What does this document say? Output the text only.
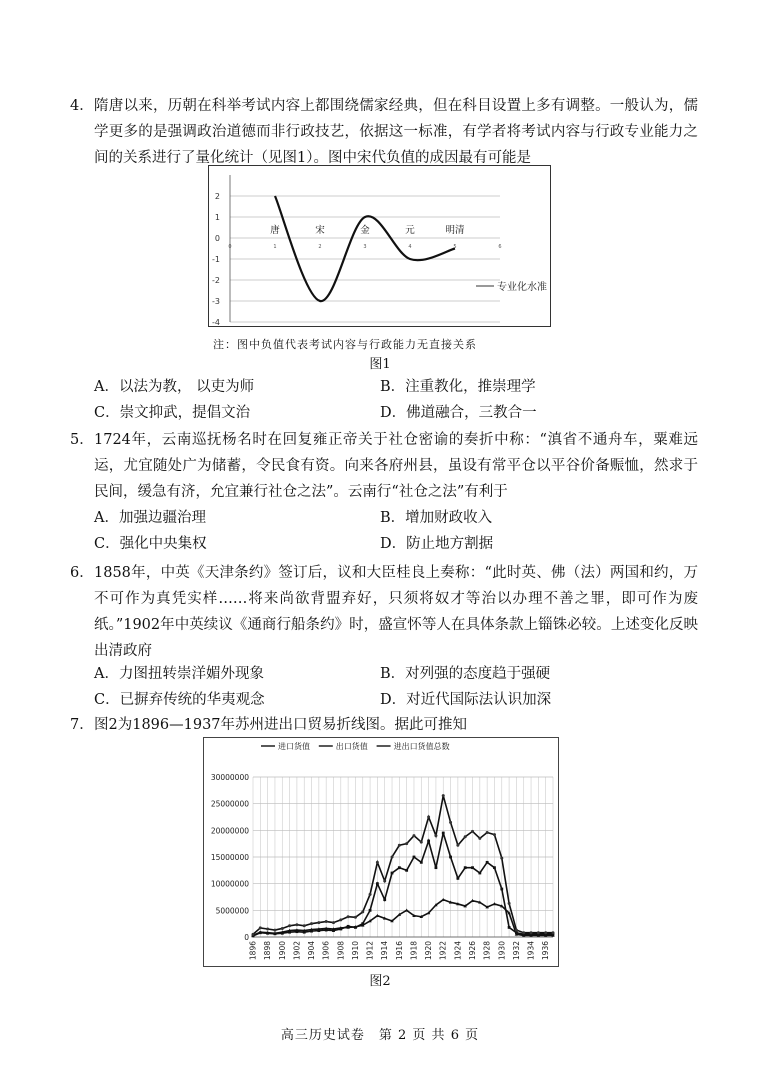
4． 隋唐以来，历朝在科举考试内容上都围绕儒家经典，但在科目设置上多有调整。一般认为，儒学更多的是强调政治道德而非行政技艺，依据这一标准，有学者将考试内容与行政专业能力之间的关系进行了量化统计（见图1）。图中宋代负值的成因最有可能是
2
1
0
-1
-2
-3
-4
0	1	2	3	4	5	6
唐	宋	金	元	明清
专业化水准
注：图中负值代表考试内容与行政能力无直接关系
图1
A．以法为教， 以吏为师	B．注重教化，推崇理学
C．崇文抑武，提倡文治	D．佛道融合，三教合一
5． 1724年，云南巡抚杨名时在回复雍正帝关于社仓密谕的奏折中称：“滇省不通舟车，粟难远运，尤宜随处广为储蓄，令民食有资。向来各府州县，虽设有常平仓以平谷价备赈恤，然求于民间，缓急有济，允宜兼行社仓之法”。云南行“社仓之法”有利于
A．加强边疆治理	B．增加财政收入
C．强化中央集权	D．防止地方割据
6． 1858年，中英《天津条约》签订后，议和大臣桂良上奏称：“此时英、佛（法）两国和约，万不可作为真凭实样……将来尚欲背盟弃好，只须将奴才等治以办理不善之罪，即可作为废纸。”1902年中英续议《通商行船条约》时，盛宣怀等人在具体条款上锱铢必较。上述变化反映出清政府
A．力图扭转崇洋媚外现象	B．对列强的态度趋于强硬
C．已摒弃传统的华夷观念	D．对近代国际法认识加深
7． 图2为1896—1937年苏州进出口贸易折线图。据此可推知
进口货值	出口货值	进出口货值总数
30000000
25000000
20000000
15000000
10000000
5000000
0
1896 1898 1900 1902 1904 1906 1908 1910 1912 1914 1916 1918 1920 1922 1924 1926 1928 1930 1932 1934 1936
图2
高三历史试卷　第 2 页 共 6 页
